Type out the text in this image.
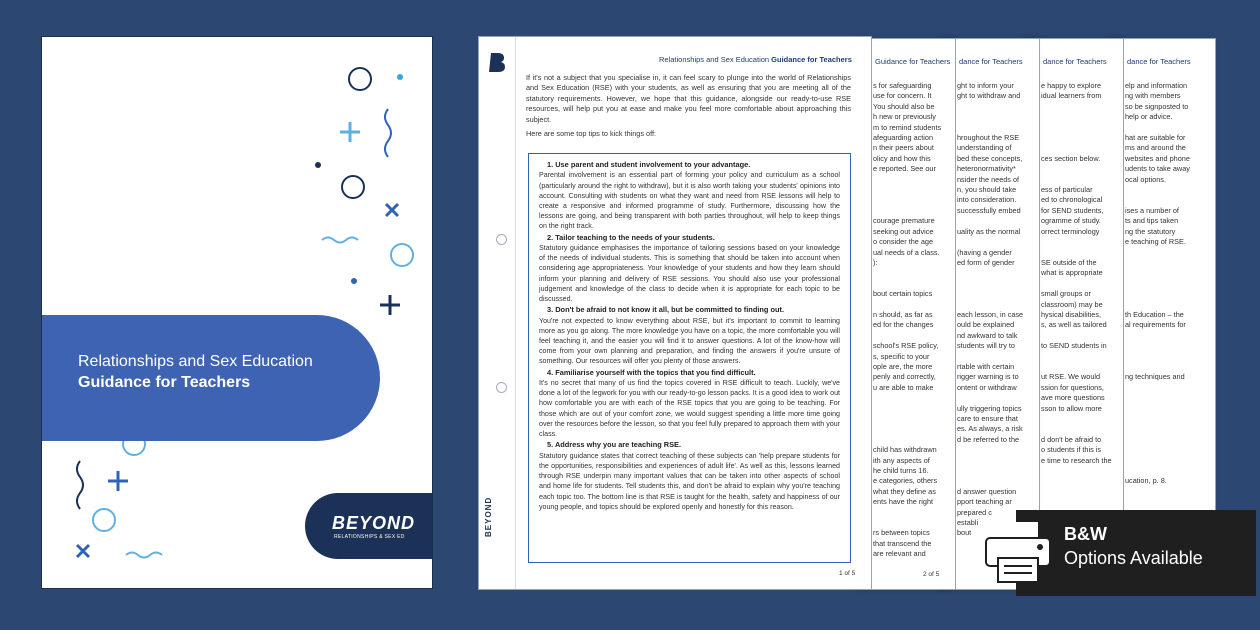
Relationships and Sex Education
Guidance for Teachers
BEYOND
RELATIONSHIPS & SEX ED
dance for Teachers
elp and information
ng with members
so be signposted to
help or advice.

hat are suitable for
ms and around the
websites and phone
udents to take away
ocal options.

ises a number of
ts and tips taken
ng the statutory
e teaching of RSE.

th Education – the
al requirements for

ng techniques and

ucation, p. 8.
dance for Teachers
e happy to explore
idual learners from

ces section below.

ess of particular
ed to chronological
for SEND students,
ogramme of study.
orrect terminology

SE outside of the
what is appropriate

small groups or
classroom) may be
hysical disabilities,
s, as well as tailored

to SEND students in

ut RSE. We would
ssion for questions,
ave more questions
sson to allow more

d don't be afraid to
o students if this is
e time to research the

dance for Teachers
ght to inform your
ght to withdraw and

hroughout the RSE
understanding of
bed these concepts,
heteronormativity*
nsider the needs of
n, you should take
into consideration.
successfully embed

uality as the normal

(having a gender
ed form of gender

each lesson, in case
ould be explained
nd awkward to talk
students will try to

rtable with certain
rigger warning is to
ontent or withdraw

ully triggering topics
care to ensure that
es. As always, a risk
d be referred to the

d answer question
pport teaching ar
prepared c
establi
bout
Guidance for Teachers
s for safeguarding
use for concern. It
You should also be
h new or previously
m to remind students
afeguarding action
n their peers about
olicy and how this
e reported. See our

courage premature
seeking out advice
o consider the age
ual needs of a class.
):

bout certain topics

n should, as far as
ed for the changes

school's RSE policy,
s, specific to your
ople are, the more
penly and correctly,
u are able to make

child has withdrawn
ith any aspects of
he child turns 16.
e categories, others
what they define as
ents have the right

rs between topics
that transcend the
are relevant and
2 of 5
BEYOND
Relationships and Sex Education Guidance for Teachers
If it's not a subject that you specialise in, it can feel scary to plunge into the world of Relationships and Sex Education (RSE) with your students, as well as ensuring that you are meeting all of the statutory requirements. However, we hope that this guidance, alongside our ready-to-use RSE resources, will help put you at ease and make you feel more comfortable about approaching this subject.
Here are some top tips to kick things off:
1. Use parent and student involvement to your advantage.

Parental involvement is an essential part of forming your policy and curriculum as a school (particularly around the right to withdraw), but it is also worth taking your students' opinions into account. Consulting with students on what they want and need from RSE lessons will help to create a responsive and informed programme of study. Furthermore, discussing how the lessons are going, and being transparent with both parties throughout, will help to keep things on the right track.

2. Tailor teaching to the needs of your students.

Statutory guidance emphasises the importance of tailoring sessions based on your knowledge of the needs of individual students. This is something that should be taken into account when considering age appropriateness. Your knowledge of your students and how they learn should inform your planning and delivery of RSE sessions. You should also use your professional judgement and knowledge of the class to decide when it is appropriate for each topic to be discussed.

3. Don't be afraid to not know it all, but be committed to finding out.

You're not expected to know everything about RSE, but it's important to commit to learning more as you go along. The more knowledge you have on a topic, the more comfortable you will feel teaching it, and the easier you will find it to answer questions. A lot of the know-how will come from your own planning and preparation, and finding the answers if you're unsure of something. Our resources will offer you plenty of those answers.

4. Familiarise yourself with the topics that you find difficult.

It's no secret that many of us find the topics covered in RSE difficult to teach. Luckily, we've done a lot of the legwork for you with our ready-to-go lesson packs. It is a good idea to work out how comfortable you are with each of the RSE topics that you are going to be teaching. For those which are out of your comfort zone, we would suggest spending a little more time going over the resources before the lesson, so that you feel fully prepared to approach them with your class.

5. Address why you are teaching RSE.

Statutory guidance states that correct teaching of these subjects can 'help prepare students for the opportunities, responsibilities and experiences of adult life'. As well as this, lessons learned through RSE underpin many important values that can be taken into other aspects of school and home life for students. Tell students this, and don't be afraid to explain why you're teaching each topic too. The bottom line is that RSE is taught for the health, safety and happiness of our young people, and topics should be explored openly and honestly for this reason.

1 of 5
B&W
Options Available
